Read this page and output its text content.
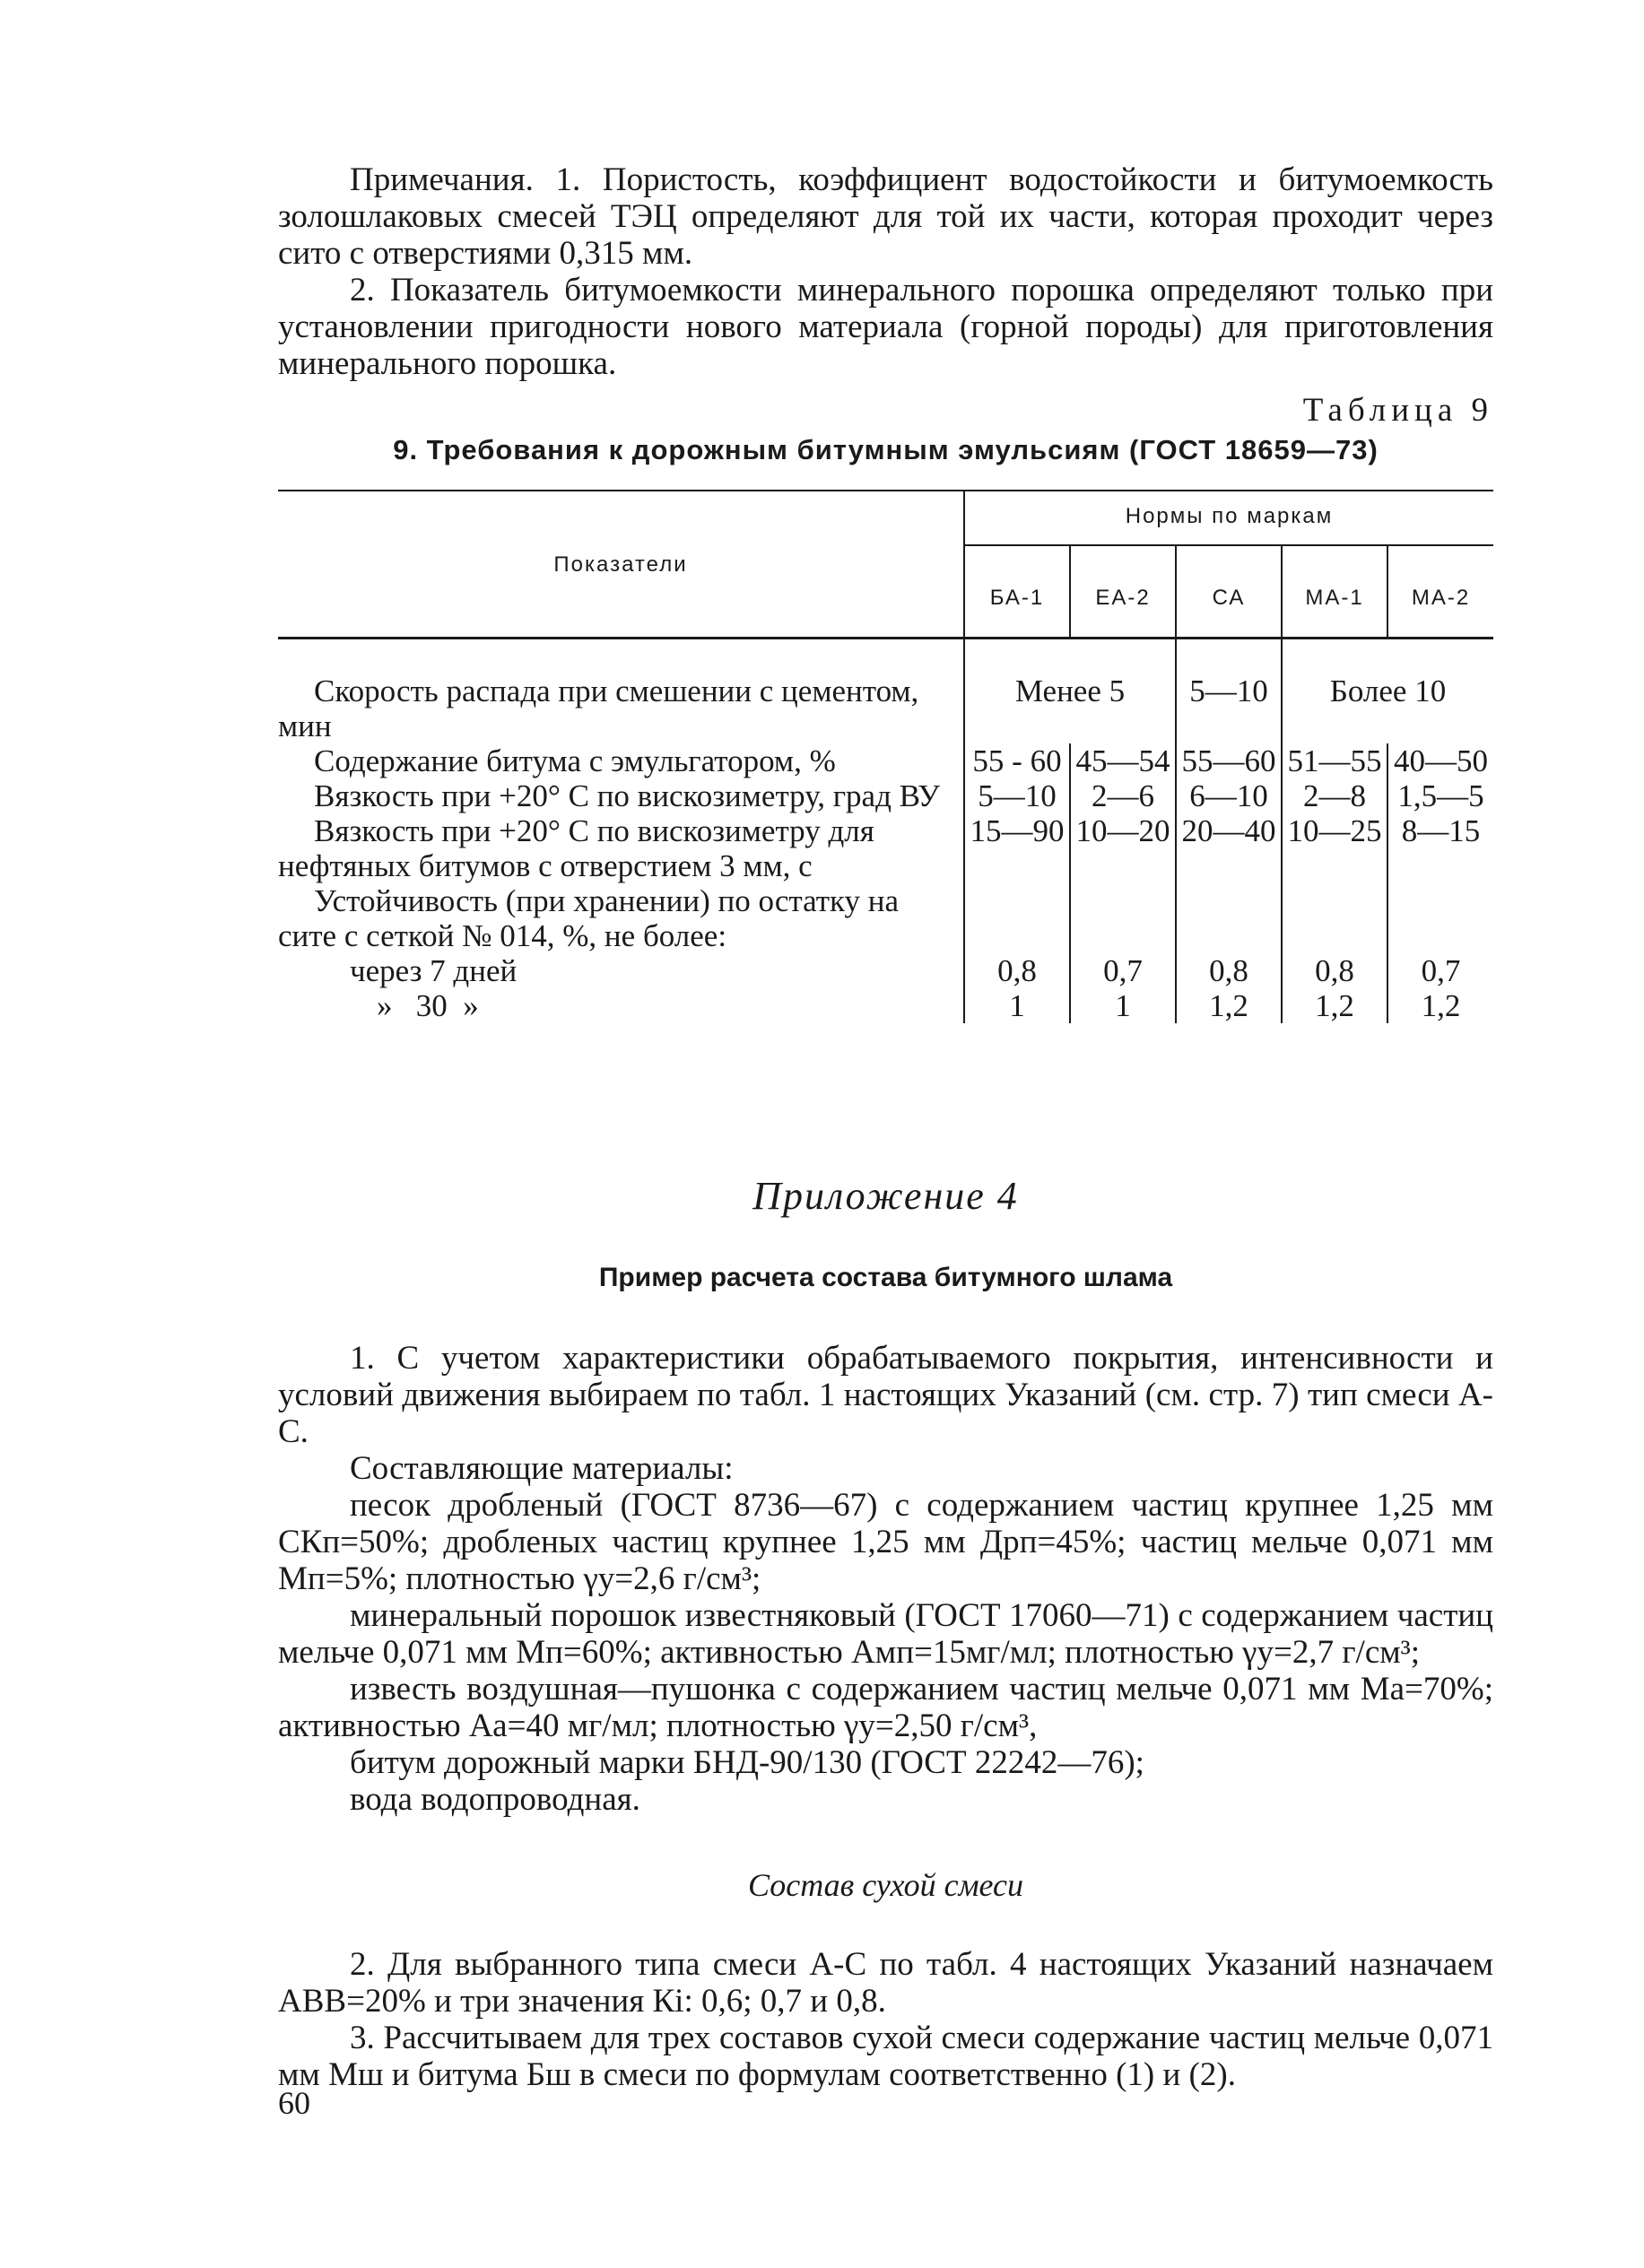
Примечания. 1. Пористость, коэффициент водостойкости и битумоемкость золошлаковых смесей ТЭЦ определяют для той их части, которая проходит через сито с отверстиями 0,315 мм.

2. Показатель битумоемкости минерального порошка определяют только при установлении пригодности нового материала (горной породы) для приготовления минерального порошка.

Таблица 9
9. Требования к дорожным битумным эмульсиям (ГОСТ 18659—73)
Показатели	Нормы по маркам				
	БА-1	ЕА-2	СА	МА-1	МА-2
Скорость распада при смешении с цементом, мин	Менее 5		5—10	Более 10	
Содержание битума с эмульгатором, %	55 - 60	45—54	55—60	51—55	40—50
Вязкость при +20° С по вискозиметру, град ВУ	5—10	2—6	6—10	2—8	1,5—5
Вязкость при +20° С по вискозиметру для нефтяных битумов с отверстием 3 мм, с	15—90	10—20	20—40	10—25	8—15
Устойчивость (при хранении) по остатку на сите с сеткой № 014, %, не более:					
через 7 дней	0,8	0,7	0,8	0,8	0,7
»   30  »	1	1	1,2	1,2	1,2
Приложение 4
Пример расчета состава битумного шлама

1. С учетом характеристики обрабатываемого покрытия, интенсивности и условий движения выбираем по табл. 1 настоящих Указаний (см. стр. 7) тип смеси А-С.

Составляющие материалы:

песок дробленый (ГОСТ 8736—67) с содержанием частиц крупнее 1,25 мм СКп=50%; дробленых частиц крупнее 1,25 мм Дрп=45%; частиц мельче 0,071 мм Мп=5%; плотностью γу=2,6 г/см³;

минеральный порошок известняковый (ГОСТ 17060—71) с содержанием частиц мельче 0,071 мм Мп=60%; активностью Амп=15мг/мл; плотностью γу=2,7 г/см³;

известь воздушная—пушонка с содержанием частиц мельче 0,071 мм Ма=70%; активностью Аа=40 мг/мл; плотностью γу=2,50 г/см³,

битум дорожный марки БНД-90/130 (ГОСТ 22242—76);

вода водопроводная.

Состав сухой смеси

2. Для выбранного типа смеси А-С по табл. 4 настоящих Указаний назначаем АВВ=20% и три значения Кі: 0,6; 0,7 и 0,8.

3. Рассчитываем для трех составов сухой смеси содержание частиц мельче 0,071 мм Мш и битума Бш в смеси по формулам соответственно (1) и (2).

60
